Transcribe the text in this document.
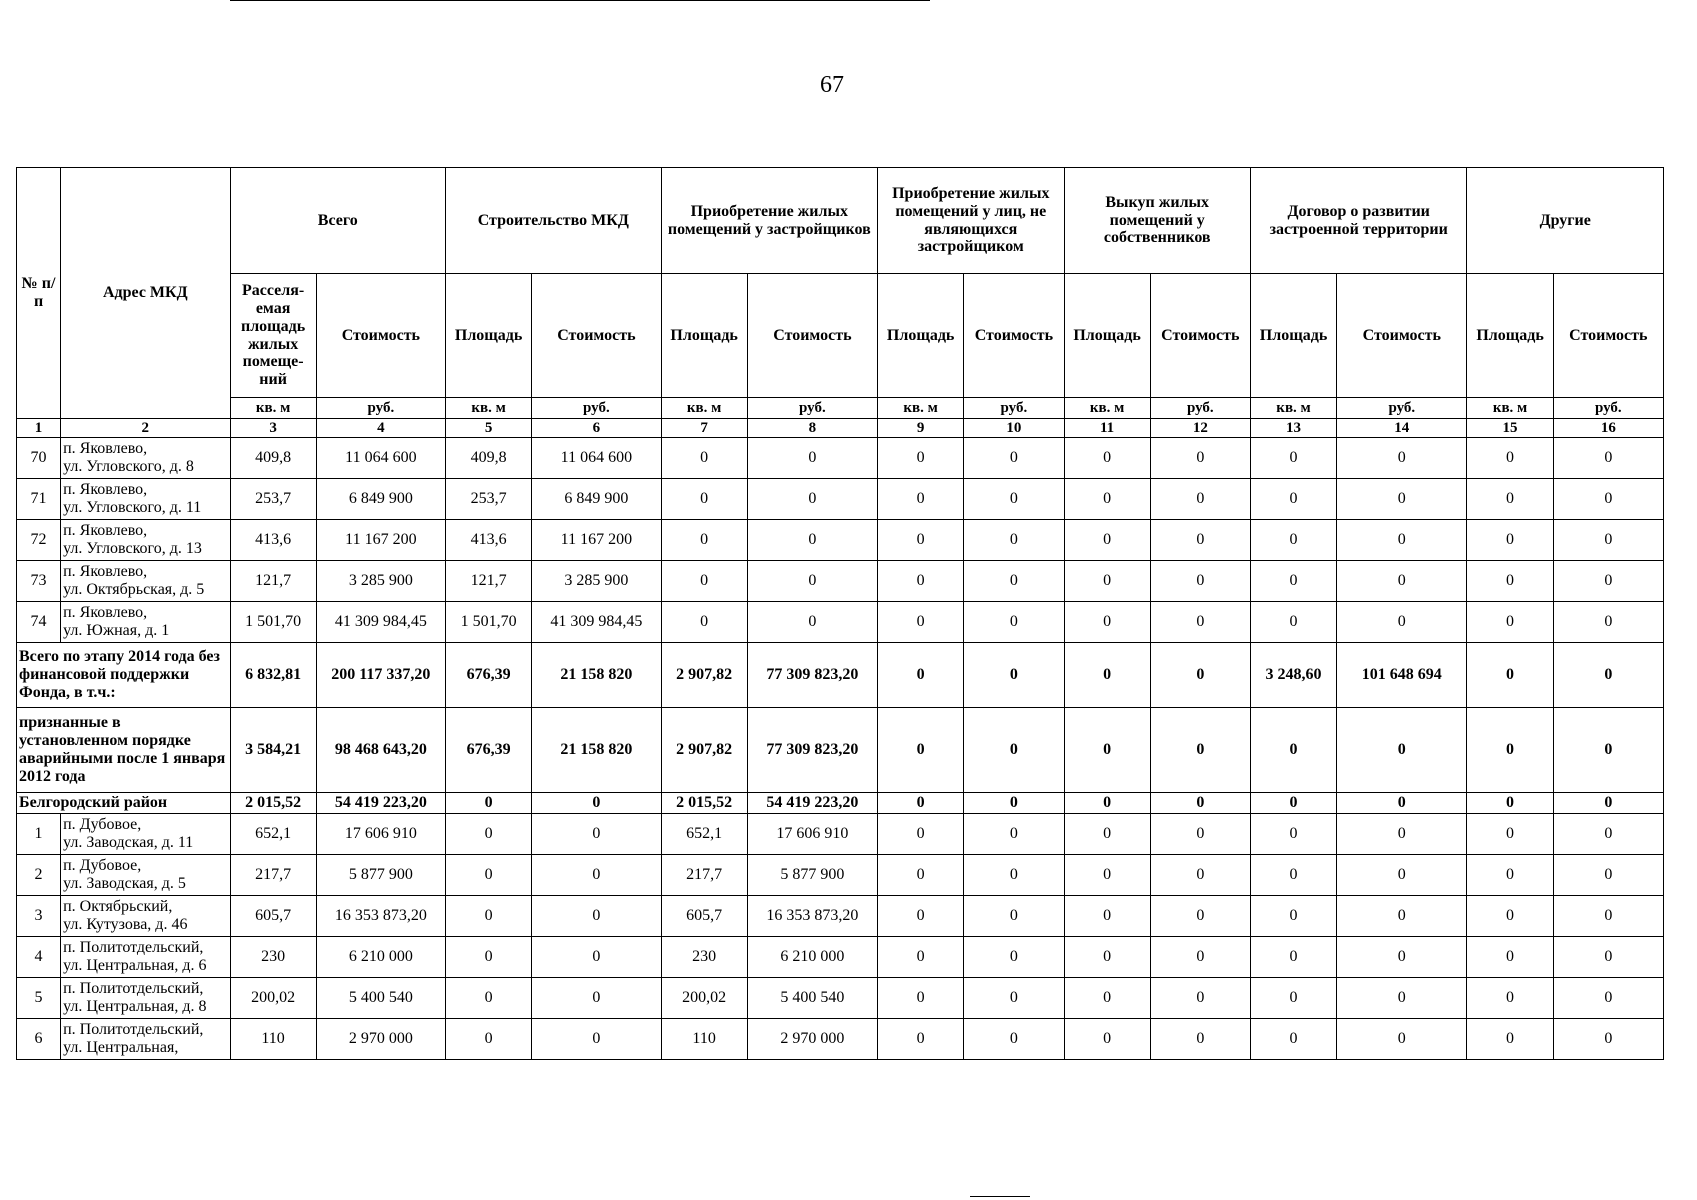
67
№ п/п	Адрес МКД	Всего		Строительство МКД		Приобретение жилых помещений у застройщиков		Приобретение жилых помещений у лиц, не являющихся застройщиком		Выкуп жилых помещений у собственников		Договор о развитии застроенной территории		Другие	
		Расселя-емая площадь жилых помеще-ний	Стоимость	Площадь	Стоимость	Площадь	Стоимость	Площадь	Стоимость	Площадь	Стоимость	Площадь	Стоимость	Площадь	Стоимость
		кв. м	руб.	кв. м	руб.	кв. м	руб.	кв. м	руб.	кв. м	руб.	кв. м	руб.	кв. м	руб.
1	2	3	4	5	6	7	8	9	10	11	12	13	14	15	16
70	п. Яковлево,
ул. Угловского, д. 8	409,8	11 064 600	409,8	11 064 600	0	0	0	0	0	0	0	0	0	0
71	п. Яковлево,
ул. Угловского, д. 11	253,7	6 849 900	253,7	6 849 900	0	0	0	0	0	0	0	0	0	0
72	п. Яковлево,
ул. Угловского, д. 13	413,6	11 167 200	413,6	11 167 200	0	0	0	0	0	0	0	0	0	0
73	п. Яковлево,
ул. Октябрьская, д. 5	121,7	3 285 900	121,7	3 285 900	0	0	0	0	0	0	0	0	0	0
74	п. Яковлево,
ул. Южная, д. 1	1 501,70	41 309 984,45	1 501,70	41 309 984,45	0	0	0	0	0	0	0	0	0	0
Всего по этапу 2014 года без финансовой поддержки Фонда, в т.ч.:		6 832,81	200 117 337,20	676,39	21 158 820	2 907,82	77 309 823,20	0	0	0	0	3 248,60	101 648 694	0	0
признанные в установленном порядке аварийными после 1 января 2012 года		3 584,21	98 468 643,20	676,39	21 158 820	2 907,82	77 309 823,20	0	0	0	0	0	0	0	0
Белгородский район		2 015,52	54 419 223,20	0	0	2 015,52	54 419 223,20	0	0	0	0	0	0	0	0
1	п. Дубовое,
ул. Заводская, д. 11	652,1	17 606 910	0	0	652,1	17 606 910	0	0	0	0	0	0	0	0
2	п. Дубовое,
ул. Заводская, д. 5	217,7	5 877 900	0	0	217,7	5 877 900	0	0	0	0	0	0	0	0
3	п. Октябрьский,
ул. Кутузова, д. 46	605,7	16 353 873,20	0	0	605,7	16 353 873,20	0	0	0	0	0	0	0	0
4	п. Политотдельский,
ул. Центральная, д. 6	230	6 210 000	0	0	230	6 210 000	0	0	0	0	0	0	0	0
5	п. Политотдельский,
ул. Центральная, д. 8	200,02	5 400 540	0	0	200,02	5 400 540	0	0	0	0	0	0	0	0
6	п. Политотдельский,
ул. Центральная,	110	2 970 000	0	0	110	2 970 000	0	0	0	0	0	0	0	0
